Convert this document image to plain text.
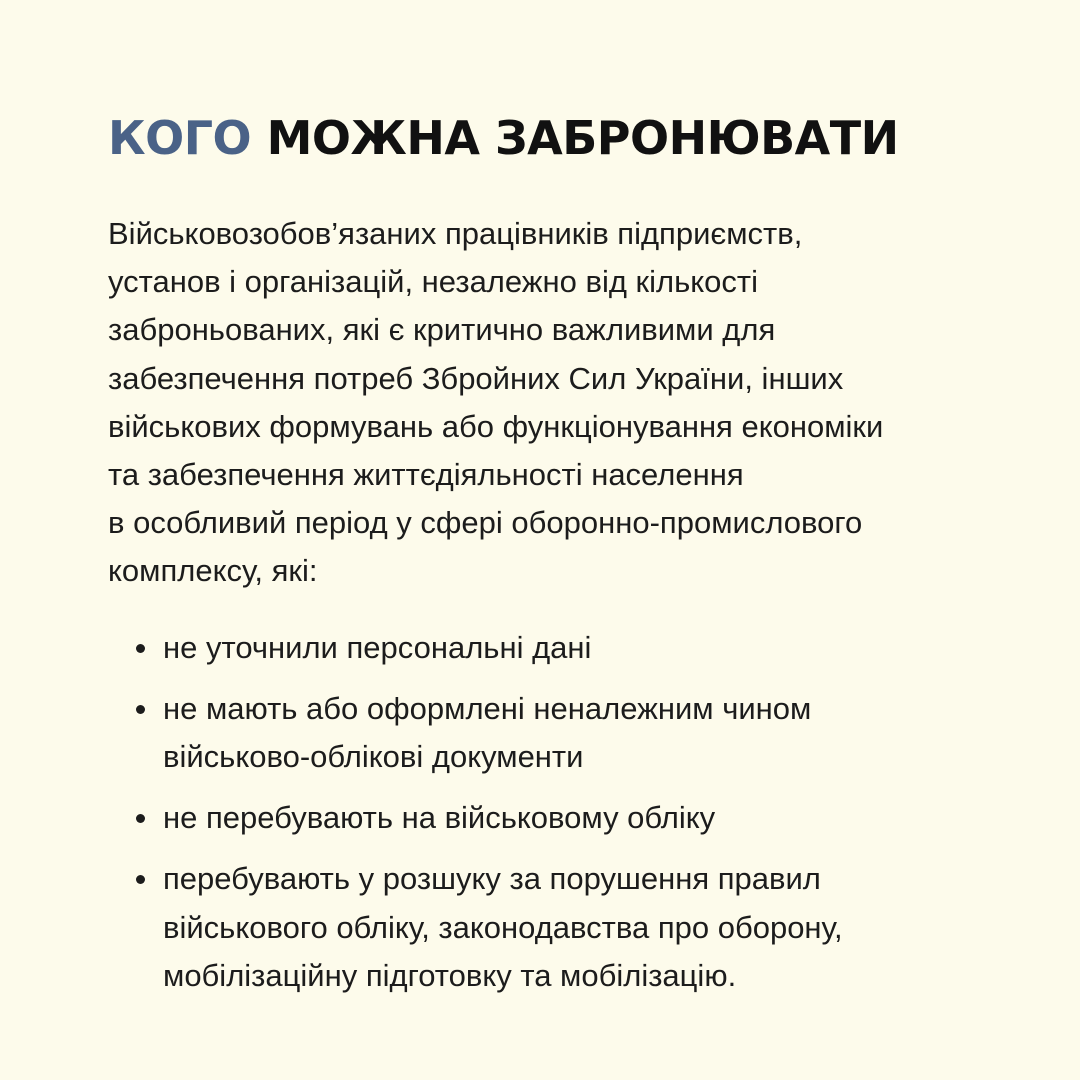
КОГО МОЖНА ЗАБРОНЮВАТИ

Військовозобов’язаних працівників підприємств,
установ і організацій, незалежно від кількості
заброньованих, які є критично важливими для
забезпечення потреб Збройних Сил України, інших
військових формувань або функціонування економіки
та забезпечення життєдіяльності населення
в особливий період у сфері оборонно-промислового
комплексу, які:

не уточнили персональні дані
не мають або оформлені неналежним чином
військово-облікові документи
не перебувають на військовому обліку
перебувають у розшуку за порушення правил
військового обліку, законодавства про оборону,
мобілізаційну підготовку та мобілізацію.
